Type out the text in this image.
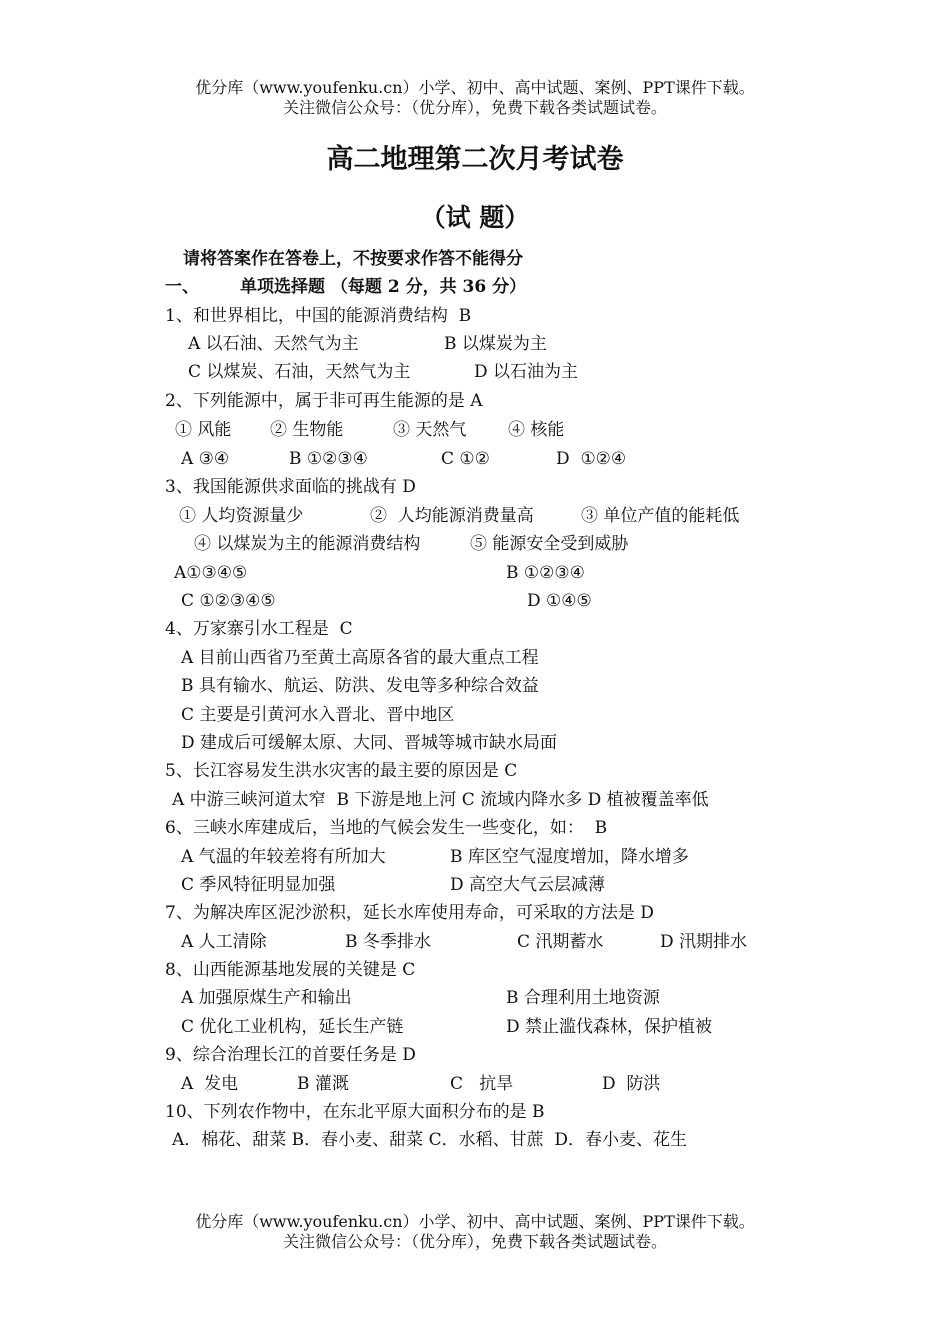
优分库（www.youfenku.cn）小学、初中、高中试题、案例、PPT课件下载。
关注微信公众号：（优分库），免费下载各类试题试卷。
高二地理第二次月考试卷
（试 题）
请将答案作在答卷上，不按要求作答不能得分
一、 单项选择题 （每题 2 分，共 36 分）
1、和世界相比，中国的能源消费结构  B
A 以石油、天然气为主	B 以煤炭为主
C 以煤炭、石油，天然气为主	D 以石油为主
2、下列能源中，属于非可再生能源的是 A
① 风能 ② 生物能	③ 天然气 ④ 核能
A ③④	B ①②③④	C ①②	D  ①②④
3、我国能源供求面临的挑战有 D
① 人均资源量少	②  人均能源消费量高	③ 单位产值的能耗低
④ 以煤炭为主的能源消费结构	⑤ 能源安全受到威胁
A①③④⑤	B ①②③④
C ①②③④⑤	D ①④⑤
4、万家寨引水工程是  C
A 目前山西省乃至黄土高原各省的最大重点工程
B 具有输水、航运、防洪、发电等多种综合效益
C 主要是引黄河水入晋北、晋中地区
D 建成后可缓解太原、大同、晋城等城市缺水局面
5、长江容易发生洪水灾害的最主要的原因是 C
A 中游三峡河道太窄  B 下游是地上河 C 流域内降水多 D 植被覆盖率低
6、三峡水库建成后，当地的气候会发生一些变化，如：  B
A 气温的年较差将有所加大	B 库区空气湿度增加，降水增多
C 季风特征明显加强	D 高空大气云层减薄
7、为解决库区泥沙淤积，延长水库使用寿命，可采取的方法是 D
A 人工清除	B 冬季排水	C 汛期蓄水	D 汛期排水
8、山西能源基地发展的关键是 C
A 加强原煤生产和输出	B 合理利用土地资源
C 优化工业机构，延长生产链	D 禁止滥伐森林，保护植被
9、综合治理长江的首要任务是 D
A  发电	B 灌溉	C   抗旱	D  防洪
10、下列农作物中，在东北平原大面积分布的是 B
A．棉花、甜菜 B．春小麦、甜菜 C．水稻、甘蔗  D．春小麦、花生
优分库（www.youfenku.cn）小学、初中、高中试题、案例、PPT课件下载。
关注微信公众号：（优分库），免费下载各类试题试卷。
